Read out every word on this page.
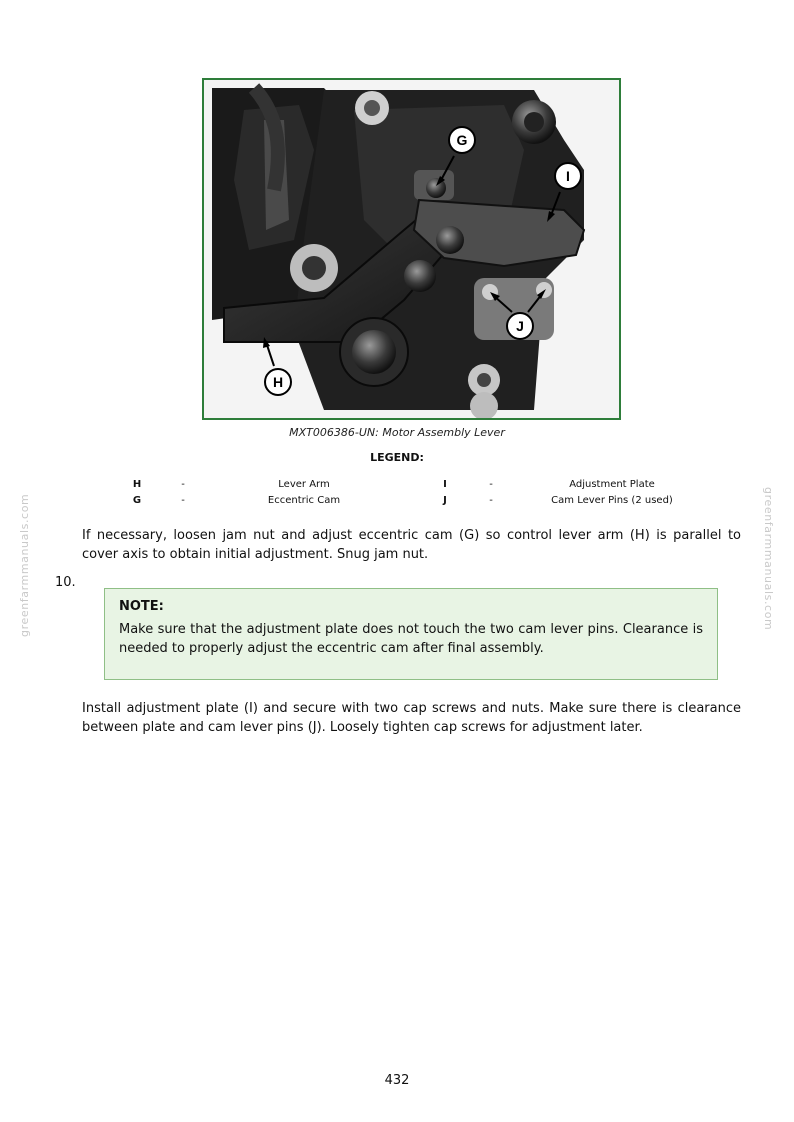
greenfarmmanuals.com	greenfarmmanuals.com
G
I
J
H
MXT006386-UN: Motor Assembly Lever
LEGEND:
H	-	Lever Arm	I	-	Adjustment Plate
G	-	Eccentric Cam	J	-	Cam Lever Pins (2 used)
If necessary, loosen jam nut and adjust eccentric cam (G) so control lever arm (H) is parallel to cover axis to obtain initial adjustment. Snug jam nut.
10.
NOTE:
Make sure that the adjustment plate does not touch the two cam lever pins. Clearance is needed to properly adjust the eccentric cam after final assembly.
Install adjustment plate (I) and secure with two cap screws and nuts. Make sure there is clearance between plate and cam lever pins (J). Loosely tighten cap screws for adjustment later.
432
